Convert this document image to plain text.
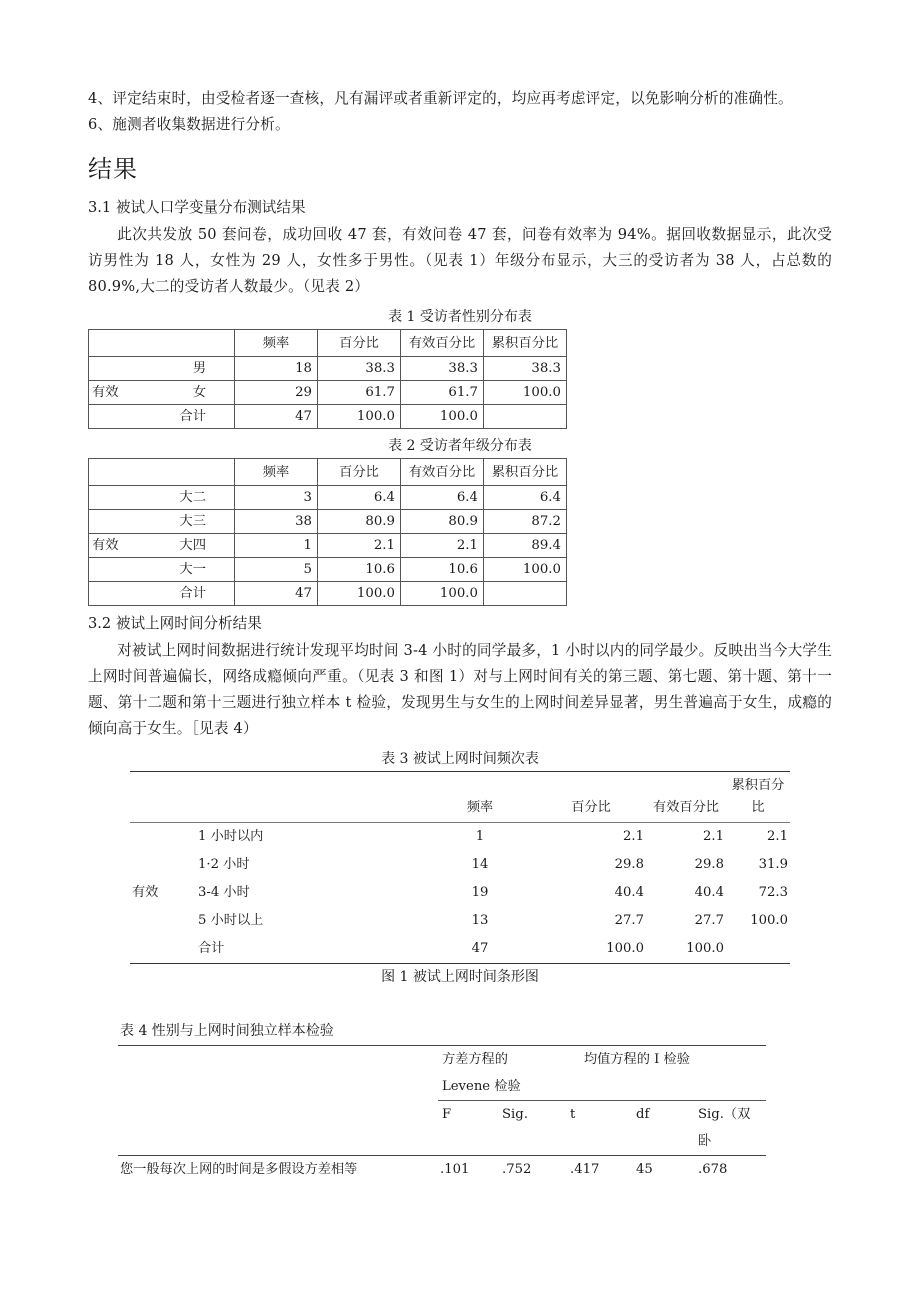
4、评定结束时，由受检者逐一查核，凡有漏评或者重新评定的，均应再考虑评定，以免影响分析的准确性。

6、施测者收集数据进行分析。

结果
3.1 被试人口学变量分布测试结果

此次共发放 50 套问卷，成功回收 47 套，有效问卷 47 套，问卷有效率为 94%。据回收数据显示，此次受访男性为 18 人，女性为 29 人，女性多于男性。（见表 1）年级分布显示，大三的受访者为 38 人，占总数的 80.9%,大二的受访者人数最少。（见表 2）

表 1 受访者性别分布表
	频率	百分比	有效百分比	累积百分比
男	18	38.3	38.3	38.3

有效 女	29	61.7	61.7	100.0
合计	47	100.0	100.0	
表 2 受访者年级分布表
	频率	百分比	有效百分比	累积百分比
大二	3	6.4	6.4	6.4
大三	38	80.9	80.9	87.2

有效 大四	1	2.1	2.1	89.4
大一	5	10.6	10.6	100.0
合计	47	100.0	100.0	
3.2 被试上网时间分析结果

对被试上网时间数据进行统计发现平均时间 3-4 小时的同学最多，1 小时以内的同学最少。反映出当今大学生上网时间普遍偏长，网络成瘾倾向严重。（见表 3 和图 1）对与上网时间有关的第三题、第七题、第十题、第十一题、第十二题和第十三题进行独立样本 t 检验，发现男生与女生的上网时间差异显著，男生普遍高于女生，成瘾的倾向高于女生。［见表 4）

表 3 被试上网时间频次表
		频率	百分比	有效百分比	累积百分比
	1 小时以内	1	2.1	2.1	2.1
	1·2 小时	14	29.8	29.8	31.9
有效	3-4 小时	19	40.4	40.4	72.3
	5 小时以上	13	27.7	27.7	100.0
	合计	47	100.0	100.0	
图 1 被试上网时间条形图
表 4 性别与上网时间独立样本检验					
	方差方程的		均值方程的 I 检验		
	Levene 检验				
	F	Sig.	t	df	Sig.（双
					卧
您一般每次上网的时间是多假设方差相等	.101	.752	.417	45	.678
